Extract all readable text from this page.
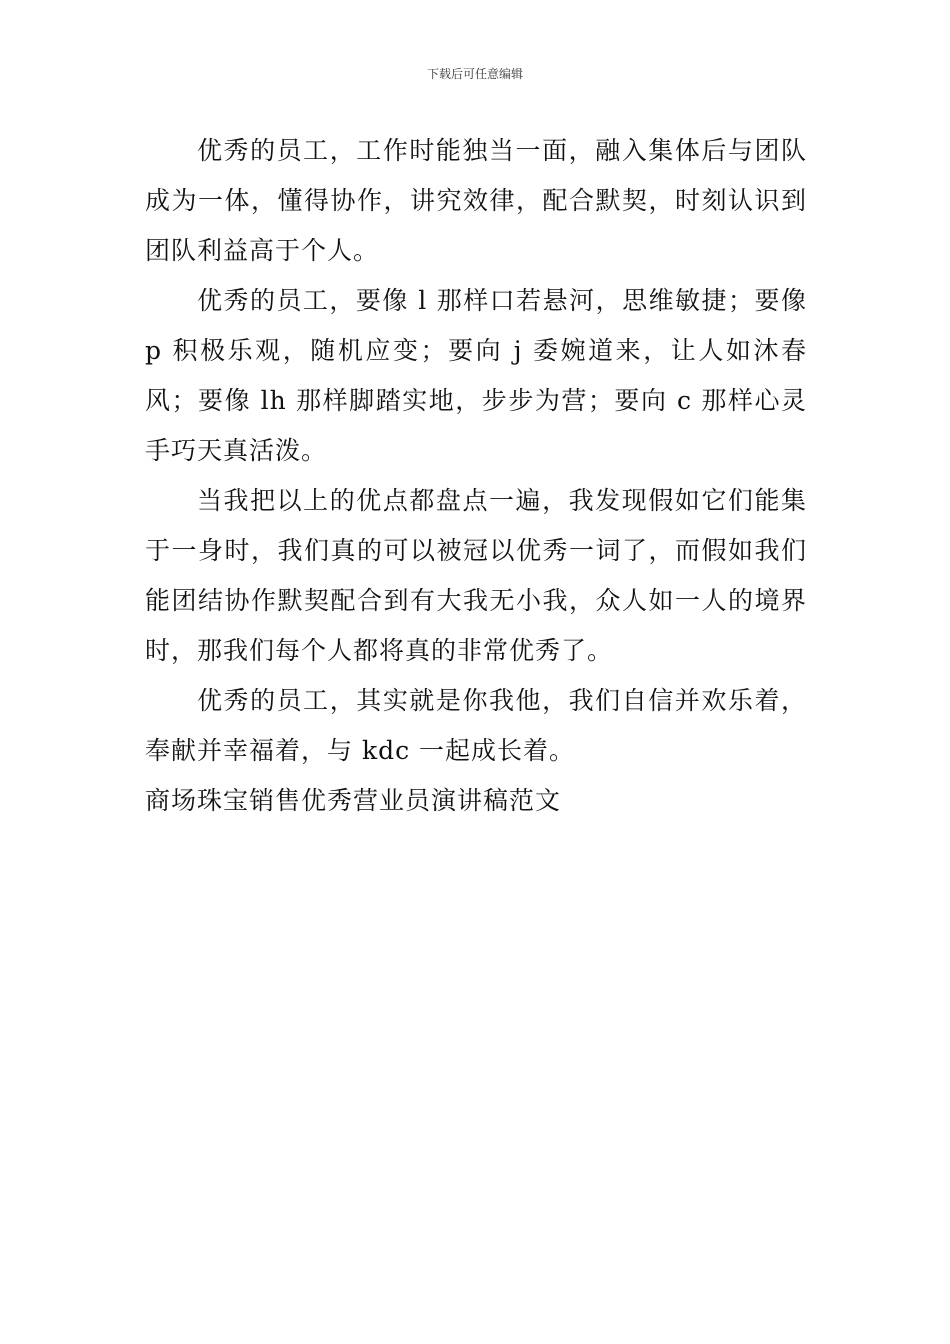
下载后可任意编辑

优秀的员工，工作时能独当一面，融入集体后与团队成为一体，懂得协作，讲究效律，配合默契，时刻认识到团队利益高于个人。

优秀的员工，要像 l 那样口若悬河，思维敏捷；要像 p 积极乐观，随机应变；要向 j 委婉道来，让人如沐春风；要像 lh 那样脚踏实地，步步为营；要向 c 那样心灵手巧天真活泼。

当我把以上的优点都盘点一遍，我发现假如它们能集于一身时，我们真的可以被冠以优秀一词了，而假如我们能团结协作默契配合到有大我无小我，众人如一人的境界时，那我们每个人都将真的非常优秀了。

优秀的员工，其实就是你我他，我们自信并欢乐着，奉献并幸福着，与 kdc 一起成长着。

商场珠宝销售优秀营业员演讲稿范文
